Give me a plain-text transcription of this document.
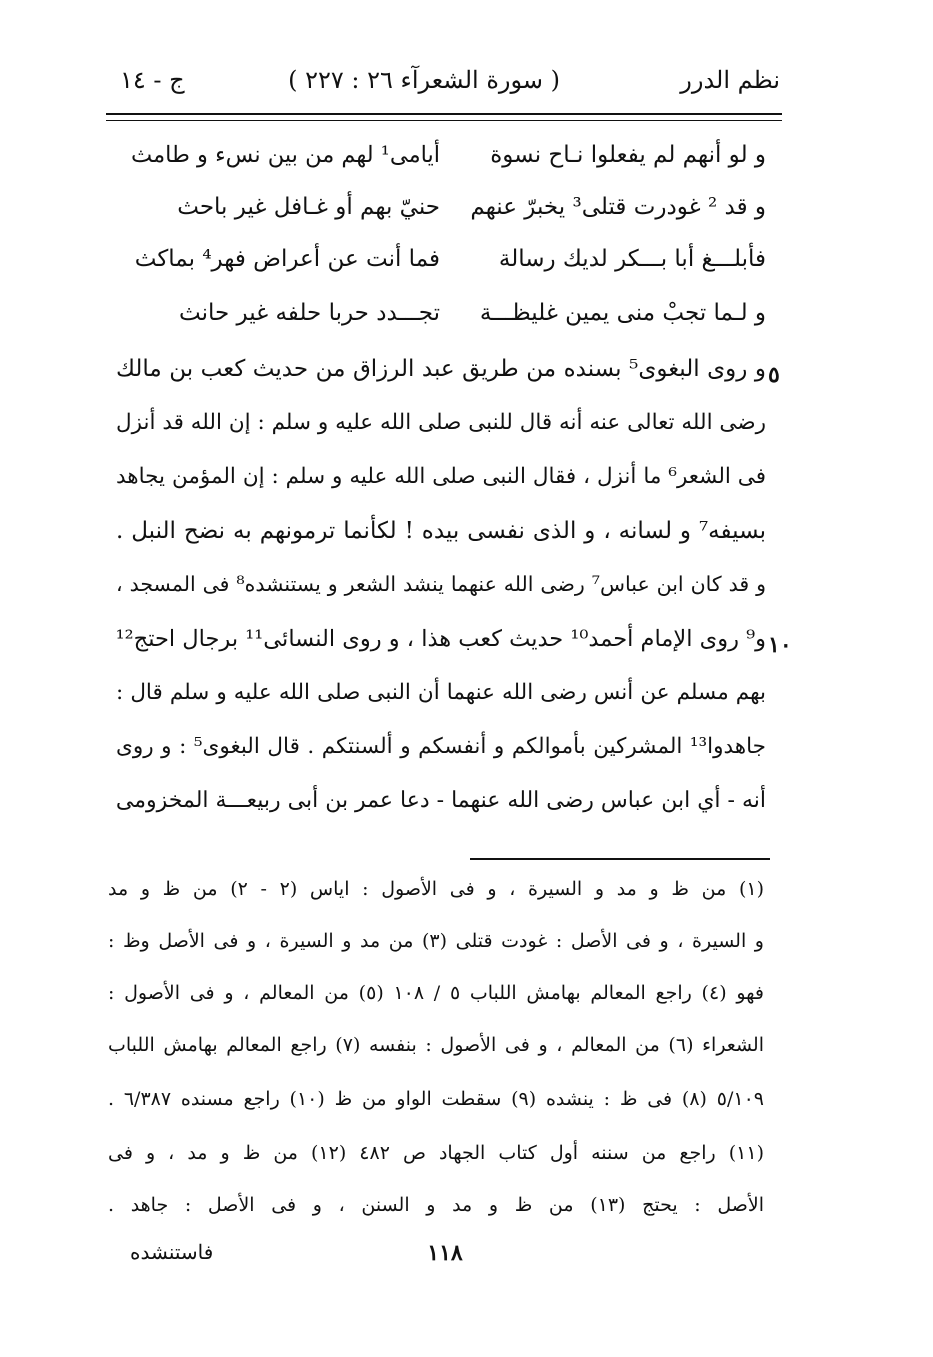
نظم الدرر
( سورة الشعرآء ٢٦ : ٢٢٧ )
ج - ١٤
و لو أنهم لم يفعلوا نـاح نسوة
أيامى¹ لهم من بين نسء و طامث
و قد ² غودرت قتلى³ يخبرّ عنهم
حنيّ بهم أو غـافل غير باحث
فأبلـــغ أبا بـــكر لديك رسالة
فما أنت عن أعراض فهر⁴ بماكث
و لـما تجبْ منى يمين غليظـــة
تجـــدد حربا حلفه غير حانث
٥
و روى البغوى⁵ بسنده من طريق عبد الرزاق من حديث كعب بن مالك
رضى الله تعالى عنه أنه قال للنبى صلى الله عليه و سلم : إن الله قد أنزل
فى الشعر⁶ ما أنزل ، فقال النبى صلى الله عليه و سلم : إن المؤمن يجاهد
بسيفه⁷ و لسانه ، و الذى نفسى بيده ! لكأنما ترمونهم به نضح النبل .
و قد كان ابن عباس⁷ رضى الله عنهما ينشد الشعر و يستنشده⁸ فى المسجد ،
١٠
و⁹ روى الإمام أحمد¹⁰ حديث كعب هذا ، و روى النسائى¹¹ برجال احتج¹²
بهم مسلم عن أنس رضى الله عنهما أن النبى صلى الله عليه و سلم قال :
جاهدوا¹³ المشركين بأموالكم و أنفسكم و ألسنتكم . قال البغوى⁵ : و روى
أنه - أي ابن عباس رضى الله عنهما - دعا عمر بن أبى ربيعـــة المخزومى
(١) من ظ و مد و السيرة ، و فى الأصول : اياس (٢ - ٢) من ظ و مد
و السيرة ، و فى الأصل : غودت قتلى (٣) من مد و السيرة ، و فى الأصل وظ :
فهو (٤) راجع المعالم بهامش اللباب ٥ / ١٠٨ (٥) من المعالم ، و فى الأصول :
الشعراء (٦) من المعالم ، و فى الأصول : بنفسه (٧) راجع المعالم بهامش اللباب
٥/١٠٩ (٨) فى ظ : ينشده (٩) سقطت الواو من ظ (١٠) راجع مسنده ٦/٣٨٧ .
(١١) راجع من سننه أول كتاب الجهاد ص ٤٨٢ (١٢) من ظ و مد ، و فى
الأصل : يحتج (١٣) من ظ و مد و السنن ، و فى الأصل : جاهد .
١١٨
فاستنشده
